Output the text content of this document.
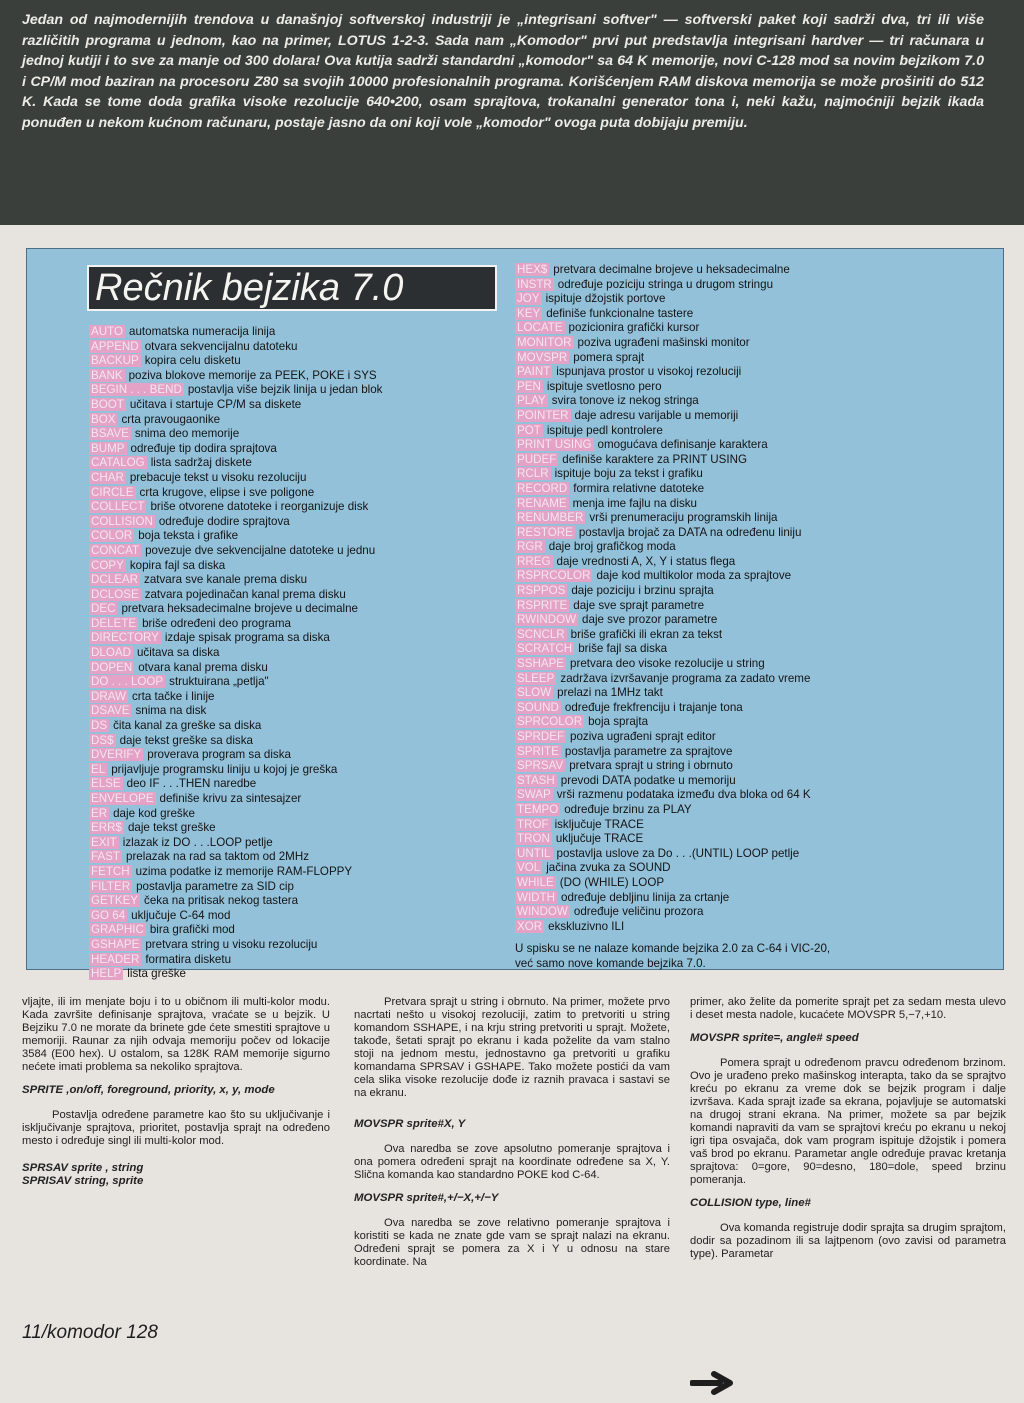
Jedan od najmodernijih trendova u današnjoj softverskoj industriji je „integrisani softver" — softverski paket koji sadrži dva, tri ili više različitih programa u jednom, kao na primer, LOTUS 1-2-3. Sada nam „Komodor" prvi put predstavlja integrisani hardver — tri računara u jednoj kutiji i to sve za manje od 300 dolara! Ova kutija sadrži standardni „komodor" sa 64 K memorije, novi C-128 mod sa novim bejzikom 7.0 i CP/M mod baziran na procesoru Z80 sa svojih 10000 profesionalnih programa. Korišćenjem RAM diskova memorija se može proširiti do 512 K. Kada se tome doda grafika visoke rezolucije 640•200, osam sprajtova, trokanalni generator tona i, neki kažu, najmoćniji bejzik ikada ponuđen u nekom kućnom računaru, postaje jasno da oni koji vole „komodor" ovoga puta dobijaju premiju.

Rečnik bejzika 7.0
AUTO automatska numeracija linija
APPEND otvara sekvencijalnu datoteku
BACKUP kopira celu disketu
BANK poziva blokove memorije za PEEK, POKE i SYS
BEGIN . . . BEND postavlja više bejzik linija u jedan blok
BOOT učitava i startuje CP/M sa diskete
BOX crta pravougaonike
BSAVE snima deo memorije
BUMP određuje tip dodira sprajtova
CATALOG lista sadržaj diskete
CHAR prebacuje tekst u visoku rezoluciju
CIRCLE crta krugove, elipse i sve poligone
COLLECT briše otvorene datoteke i reorganizuje disk
COLLISION određuje dodire sprajtova
COLOR boja teksta i grafike
CONCAT povezuje dve sekvencijalne datoteke u jednu
COPY kopira fajl sa diska
DCLEAR zatvara sve kanale prema disku
DCLOSE zatvara pojedinačan kanal prema disku
DEC pretvara heksadecimalne brojeve u decimalne
DELETE briše određeni deo programa
DIRECTORY izdaje spisak programa sa diska
DLOAD učitava sa diska
DOPEN otvara kanal prema disku
DO . . . LOOP struktuirana „petlja"
DRAW crta tačke i linije
DSAVE snima na disk
DS čita kanal za greške sa diska
DS$ daje tekst greške sa diska
DVERIFY proverava program sa diska
EL prijavljuje programsku liniju u kojoj je greška
ELSE deo IF . . .THEN naredbe
ENVELOPE definiše krivu za sintesajzer
ER daje kod greške
ERR$ daje tekst greške
EXIT izlazak iz DO . . .LOOP petlje
FAST prelazak na rad sa taktom od 2MHz
FETCH uzima podatke iz memorije RAM-FLOPPY
FILTER postavlja parametre za SID cip
GETKEY čeka na pritisak nekog tastera
GO 64 uključuje C-64 mod
GRAPHIC bira grafički mod
GSHAPE pretvara string u visoku rezoluciju
HEADER formatira disketu
HELP lista greške
HEX$ pretvara decimalne brojeve u heksadecimalne
INSTR određuje poziciju stringa u drugom stringu
JOY ispituje džojstik portove
KEY definiše funkcionalne tastere
LOCATE pozicionira grafički kursor
MONITOR poziva ugrađeni mašinski monitor
MOVSPR pomera sprajt
PAINT ispunjava prostor u visokoj rezoluciji
PEN ispituje svetlosno pero
PLAY svira tonove iz nekog stringa
POINTER daje adresu varijable u memoriji
POT ispituje pedl kontrolere
PRINT USING omogućava definisanje karaktera
PUDEF definiše karaktere za PRINT USING
RCLR ispituje boju za tekst i grafiku
RECORD formira relativne datoteke
RENAME menja ime fajlu na disku
RENUMBER vrši prenumeraciju programskih linija
RESTORE postavlja brojač za DATA na određenu liniju
RGR daje broj grafičkog moda
RREG daje vrednosti A, X, Y i status flega
RSPRCOLOR daje kod multikolor moda za sprajtove
RSPPOS daje poziciju i brzinu sprajta
RSPRITE daje sve sprajt parametre
RWINDOW daje sve prozor parametre
SCNCLR briše grafički ili ekran za tekst
SCRATCH briše fajl sa diska
SSHAPE pretvara deo visoke rezolucije u string
SLEEP zadržava izvršavanje programa za zadato vreme
SLOW prelazi na 1MHz takt
SOUND određuje frekfrenciju i trajanje tona
SPRCOLOR boja sprajta
SPRDEF poziva ugrađeni sprajt editor
SPRITE postavlja parametre za sprajtove
SPRSAV pretvara sprajt u string i obrnuto
STASH prevodi DATA podatke u memoriju
SWAP vrši razmenu podataka između dva bloka od 64 K
TEMPO određuje brzinu za PLAY
TROF isključuje TRACE
TRON uključuje TRACE
UNTIL postavlja uslove za Do . . .(UNTIL) LOOP petlje
VOL jačina zvuka za SOUND
WHILE (DO (WHILE) LOOP
WIDTH određuje debljinu linija za crtanje
WINDOW određuje veličinu prozora
XOR ekskluzivno ILI
U spisku se ne nalaze komande bejzika 2.0 za C-64 i VIC-20, već samo nove komande bejzika 7.0.

vljajte, ili im menjate boju i to u običnom ili multi-kolor modu. Kada završite definisanje sprajtova, vraćate se u bejzik. U Bejziku 7.0 ne morate da brinete gde ćete smestiti sprajtove u memoriji. Raunar za njih odvaja memoriju počev od lokacije 3584 (E00 hex). U ostalom, sa 128K RAM memorije sigurno nećete imati problema sa nekoliko sprajtova.

SPRITE ,on/off, foreground, priority, x, y, mode

Postavlja određene parametre kao što su uključivanje i isključivanje sprajtova, prioritet, postavlja sprajt na određeno mesto i određuje singl ili multi-kolor mod.

SPRSAV sprite , string
SPRISAV string, sprite

Pretvara sprajt u string i obrnuto. Na primer, možete prvo nacrtati nešto u visokoj rezoluciji, zatim to pretvoriti u string komandom SSHAPE, i na krju string pretvoriti u sprajt. Možete, takođe, šetati sprajt po ekranu i kada poželite da vam stalno stoji na jednom mestu, jednostavno ga pretvoriti u grafiku komandama SPRSAV i GSHAPE. Tako možete postići da vam cela slika visoke rezolucije dođe iz raznih pravaca i sastavi se na ekranu.

MOVSPR sprite#X, Y

Ova naredba se zove apsolutno pomeranje sprajtova i ona pomera određeni sprajt na koordinate određene sa X, Y. Slična komanda kao standardno POKE kod C-64.

MOVSPR sprite#,+/−X,+/−Y

Ova naredba se zove relativno pomeranje sprajtova i koristiti se kada ne znate gde vam se sprajt nalazi na ekranu. Određeni sprajt se pomera za X i Y u odnosu na stare koordinate. Na

primer, ako želite da pomerite sprajt pet za sedam mesta ulevo i deset mesta nadole, kucaćete MOVSPR 5,−7,+10.

MOVSPR sprite=, angle# speed

Pomera sprajt u određenom pravcu određenom brzinom. Ovo je urađeno preko mašinskog interapta, tako da se sprajtvo kreću po ekranu za vreme dok se bejzik program i dalje izvršava. Kada sprajt izađe sa ekrana, pojavljuje se automatski na drugoj strani ekrana. Na primer, možete sa par bejzik komandi napraviti da vam se sprajtovi kreću po ekranu u nekoj igri tipa osvajača, dok vam program ispituje džojstik i pomera vaš brod po ekranu. Parametar angle određuje pravac kretanja sprajtova: 0=gore, 90=desno, 180=dole, speed brzinu pomeranja.

COLLISION type, line#

Ova komanda registruje dodir sprajta sa drugim sprajtom, dodir sa pozadinom ili sa lajtpenom (ovo zavisi od parametra type). Parametar

11/komodor 128
